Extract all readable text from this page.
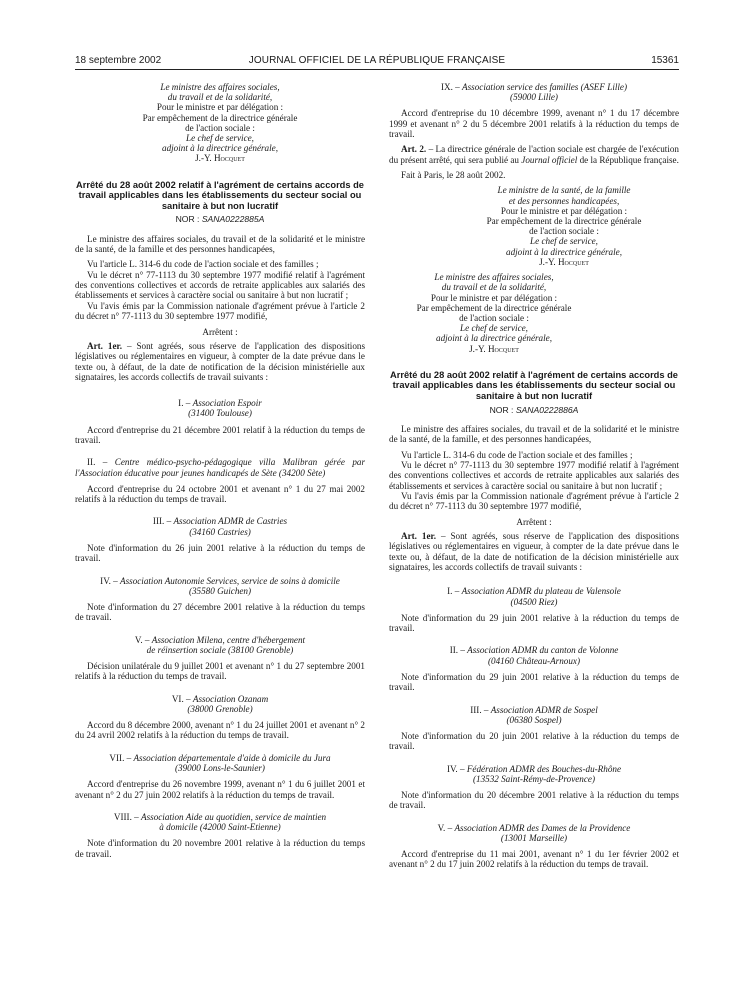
18 septembre 2002	JOURNAL OFFICIEL DE LA RÉPUBLIQUE FRANÇAISE	15361
Le ministre des affaires sociales,
du travail et de la solidarité,
Pour le ministre et par délégation :
Par empêchement de la directrice générale
de l'action sociale :
Le chef de service,
adjoint à la directrice générale,
J.-Y. Hocquet
Arrêté du 28 août 2002 relatif à l'agrément de certains accords de travail applicables dans les établissements du secteur social ou sanitaire à but non lucratif
NOR : SANA0222885A

Le ministre des affaires sociales, du travail et de la solidarité et le ministre de la santé, de la famille et des personnes handicapées,

Vu l'article L. 314-6 du code de l'action sociale et des familles ;

Vu le décret n° 77-1113 du 30 septembre 1977 modifié relatif à l'agrément des conventions collectives et accords de retraite applicables aux salariés des établissements et services à caractère social ou sanitaire à but non lucratif ;

Vu l'avis émis par la Commission nationale d'agrément prévue à l'article 2 du décret n° 77-1113 du 30 septembre 1977 modifié,

Arrêtent :

Art. 1er. – Sont agréés, sous réserve de l'application des dispositions législatives ou réglementaires en vigueur, à compter de la date prévue dans le texte ou, à défaut, de la date de notification de la décision ministérielle aux signataires, les accords collectifs de travail suivants :

I. – Association Espoir
(31400 Toulouse)

Accord d'entreprise du 21 décembre 2001 relatif à la réduction du temps de travail.

II. – Centre médico-psycho-pédagogique villa Malibran gérée par l'Association éducative pour jeunes handicapés de Sète (34200 Sète)

Accord d'entreprise du 24 octobre 2001 et avenant n° 1 du 27 mai 2002 relatifs à la réduction du temps de travail.

III. – Association ADMR de Castries
(34160 Castries)

Note d'information du 26 juin 2001 relative à la réduction du temps de travail.

IV. – Association Autonomie Services, service de soins à domicile
(35580 Guichen)

Note d'information du 27 décembre 2001 relative à la réduction du temps de travail.

V. – Association Milena, centre d'hébergement
de réinsertion sociale (38100 Grenoble)

Décision unilatérale du 9 juillet 2001 et avenant n° 1 du 27 septembre 2001 relatifs à la réduction du temps de travail.

VI. – Association Ozanam
(38000 Grenoble)

Accord du 8 décembre 2000, avenant n° 1 du 24 juillet 2001 et avenant n° 2 du 24 avril 2002 relatifs à la réduction du temps de travail.

VII. – Association départementale d'aide à domicile du Jura
(39000 Lons-le-Saunier)

Accord d'entreprise du 26 novembre 1999, avenant n° 1 du 6 juillet 2001 et avenant n° 2 du 27 juin 2002 relatifs à la réduction du temps de travail.

VIII. – Association Aide au quotidien, service de maintien
à domicile (42000 Saint-Etienne)

Note d'information du 20 novembre 2001 relative à la réduction du temps de travail.

IX. – Association service des familles (ASEF Lille)
(59000 Lille)

Accord d'entreprise du 10 décembre 1999, avenant n° 1 du 17 décembre 1999 et avenant n° 2 du 5 décembre 2001 relatifs à la réduction du temps de travail.

Art. 2. – La directrice générale de l'action sociale est chargée de l'exécution du présent arrêté, qui sera publié au Journal officiel de la République française.

Fait à Paris, le 28 août 2002.

Le ministre de la santé, de la famille
et des personnes handicapées,
Pour le ministre et par délégation :
Par empêchement de la directrice générale
de l'action sociale :
Le chef de service,
adjoint à la directrice générale,
J.-Y. Hocquet
Le ministre des affaires sociales,
du travail et de la solidarité,
Pour le ministre et par délégation :
Par empêchement de la directrice générale
de l'action sociale :
Le chef de service,
adjoint à la directrice générale,
J.-Y. Hocquet
Arrêté du 28 août 2002 relatif à l'agrément de certains accords de travail applicables dans les établissements du secteur social ou sanitaire à but non lucratif
NOR : SANA0222886A

Le ministre des affaires sociales, du travail et de la solidarité et le ministre de la santé, de la famille, et des personnes handicapées,

Vu l'article L. 314-6 du code de l'action sociale et des familles ;

Vu le décret n° 77-1113 du 30 septembre 1977 modifié relatif à l'agrément des conventions collectives et accords de retraite applicables aux salariés des établissements et services à caractère social ou sanitaire à but non lucratif ;

Vu l'avis émis par la Commission nationale d'agrément prévue à l'article 2 du décret n° 77-1113 du 30 septembre 1977 modifié,

Arrêtent :

Art. 1er. – Sont agréés, sous réserve de l'application des dispositions législatives ou réglementaires en vigueur, à compter de la date prévue dans le texte ou, à défaut, de la date de notification de la décision ministérielle aux signataires, les accords collectifs de travail suivants :

I. – Association ADMR du plateau de Valensole
(04500 Riez)

Note d'information du 29 juin 2001 relative à la réduction du temps de travail.

II. – Association ADMR du canton de Volonne
(04160 Château-Arnoux)

Note d'information du 29 juin 2001 relative à la réduction du temps de travail.

III. – Association ADMR de Sospel
(06380 Sospel)

Note d'information du 20 juin 2001 relative à la réduction du temps de travail.

IV. – Fédération ADMR des Bouches-du-Rhône
(13532 Saint-Rémy-de-Provence)

Note d'information du 20 décembre 2001 relative à la réduction du temps de travail.

V. – Association ADMR des Dames de la Providence
(13001 Marseille)

Accord d'entreprise du 11 mai 2001, avenant n° 1 du 1er février 2002 et avenant n° 2 du 17 juin 2002 relatifs à la réduction du temps de travail.
